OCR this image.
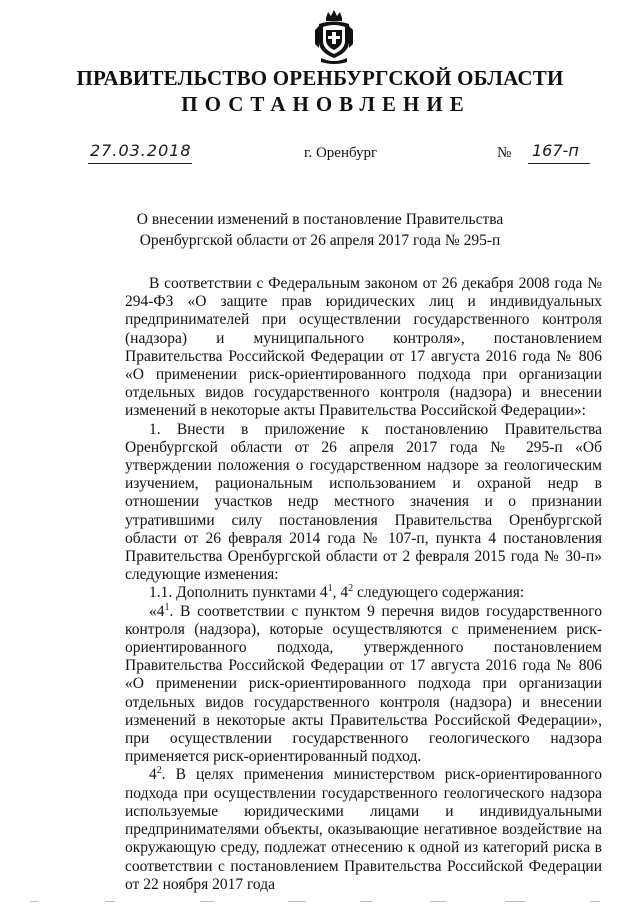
ПРАВИТЕЛЬСТВО ОРЕНБУРГСКОЙ ОБЛАСТИ
ПОСТАНОВЛЕНИЕ
27.03.2018	г. Оренбург	№ 167-п
О внесении изменений в постановление Правительства
Оренбургской области от 26 апреля 2017 года № 295-п

В соответствии с Федеральным законом от 26 декабря 2008 года № 294-ФЗ «О защите прав юридических лиц и индивидуальных предпринимателей при осуществлении государственного контроля (надзора) и муниципального контроля», постановлением Правительства Российской Федерации от 17 августа 2016 года № 806 «О применении риск-ориентированного подхода при организации отдельных видов государственного контроля (надзора) и внесении изменений в некоторые акты Правительства Российской Федерации»:

1. Внести в приложение к постановлению Правительства Оренбургской области от 26 апреля 2017 года № 295-п «Об утверждении положения о государственном надзоре за геологическим изучением, рациональным использованием и охраной недр в отношении участков недр местного значения и о признании утратившими силу постановления Правительства Оренбургской области от 26 февраля 2014 года № 107-п, пункта 4 постановления Правительства Оренбургской области от 2 февраля 2015 года № 30-п» следующие изменения:

1.1. Дополнить пунктами $4^1$, $4^2$ следующего содержания:

«$4^1$. В соответствии с пунктом 9 перечня видов государственного контроля (надзора), которые осуществляются с применением риск-ориентированного подхода, утвержденного постановлением Правительства Российской Федерации от 17 августа 2016 года № 806 «О применении риск-ориентированного подхода при организации отдельных видов государственного контроля (надзора) и внесении изменений в некоторые акты Правительства Российской Федерации», при осуществлении государственного геологического надзора применяется риск-ориентированный подход.

$4^2$. В целях применения министерством риск-ориентированного подхода при осуществлении государственного геологического надзора используемые юридическими лицами и индивидуальными предпринимателями объекты, оказывающие негативное воздействие на окружающую среду, подлежат отнесению к одной из категорий риска в соответствии с постановлением Правительства Российской Федерации от 22 ноября 2017 года
